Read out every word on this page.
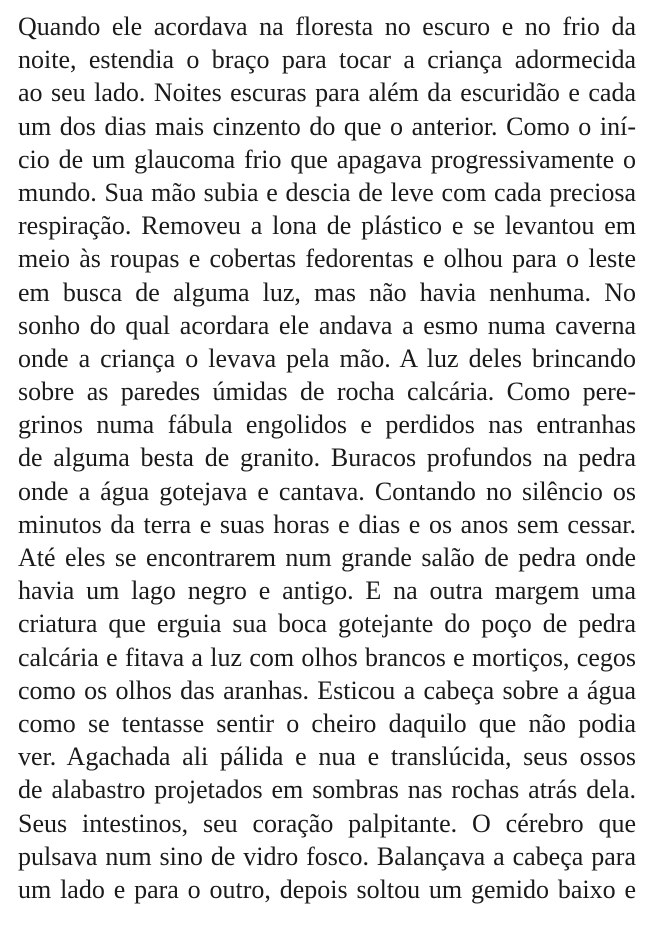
Quando ele acordava na floresta no escuro e no frio da
noite, estendia o braço para tocar a criança adormecida
ao seu lado. Noites escuras para além da escuridão e cada
um dos dias mais cinzento do que o anterior. Como o iní-
cio de um glaucoma frio que apagava progressivamente o
mundo. Sua mão subia e descia de leve com cada preciosa
respiração. Removeu a lona de plástico e se levantou em
meio às roupas e cobertas fedorentas e olhou para o leste
em busca de alguma luz, mas não havia nenhuma. No
sonho do qual acordara ele andava a esmo numa caverna
onde a criança o levava pela mão. A luz deles brincando
sobre as paredes úmidas de rocha calcária. Como pere-
grinos numa fábula engolidos e perdidos nas entranhas
de alguma besta de granito. Buracos profundos na pedra
onde a água gotejava e cantava. Contando no silêncio os
minutos da terra e suas horas e dias e os anos sem cessar.
Até eles se encontrarem num grande salão de pedra onde
havia um lago negro e antigo. E na outra margem uma
criatura que erguia sua boca gotejante do poço de pedra
calcária e fitava a luz com olhos brancos e mortiços, cegos
como os olhos das aranhas. Esticou a cabeça sobre a água
como se tentasse sentir o cheiro daquilo que não podia
ver. Agachada ali pálida e nua e translúcida, seus ossos
de alabastro projetados em sombras nas rochas atrás dela.
Seus intestinos, seu coração palpitante. O cérebro que
pulsava num sino de vidro fosco. Balançava a cabeça para
um lado e para o outro, depois soltou um gemido baixo e
